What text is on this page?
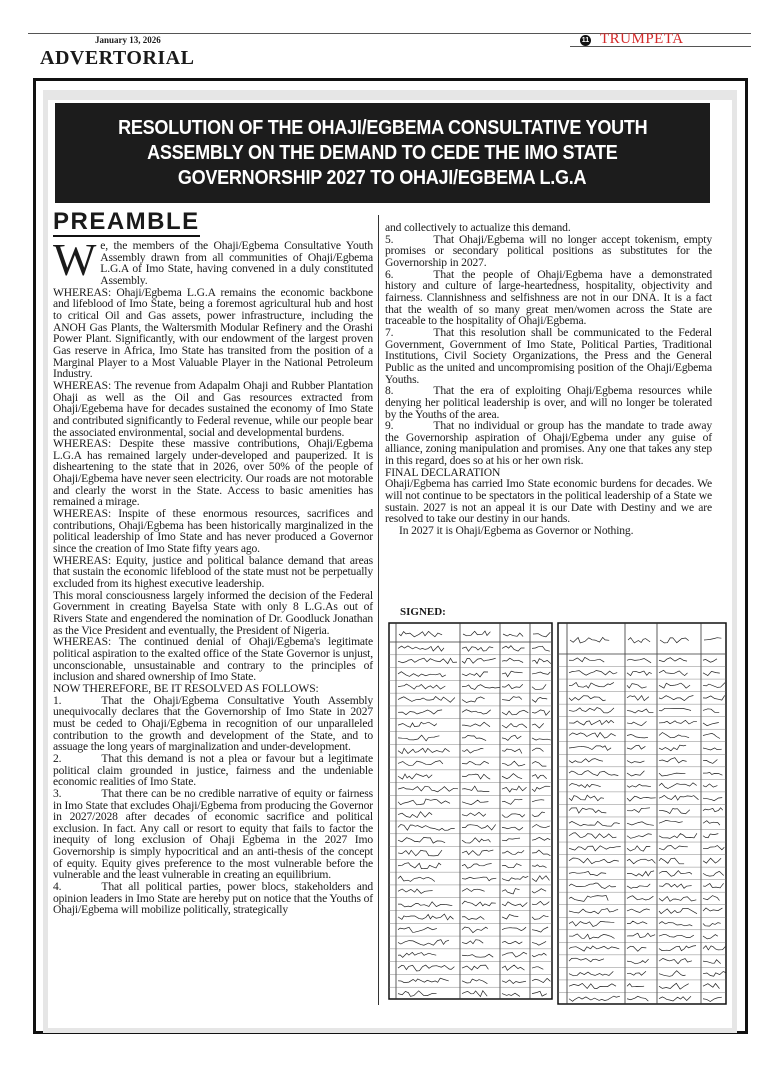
January 13, 2026	11 TRUMPETA
ADVERTORIAL
RESOLUTION OF THE OHAJI/EGBEMA CONSULTATIVE YOUTH
ASSEMBLY ON THE DEMAND TO CEDE THE IMO STATE
GOVERNORSHIP 2027 TO OHAJI/EGBEMA L.G.A
PREAMBLE

We, the members of the Ohaji/Egbema Consultative Youth Assembly drawn from all communities of Ohaji/Egbema L.G.A of Imo State, having convened in a duly constituted Assembly.

WHEREAS: Ohaji/Egbema L.G.A remains the economic backbone and lifeblood of Imo State, being a foremost agricultural hub and host to critical Oil and Gas assets, power infrastructure, including the ANOH Gas Plants, the Waltersmith Modular Refinery and the Orashi Power Plant. Significantly, with our endowment of the largest proven Gas reserve in Africa, Imo State has transited from the position of a Marginal Player to a Most Valuable Player in the National Petroleum Industry.

WHEREAS: The revenue from Adapalm Ohaji and Rubber Plantation Ohaji as well as the Oil and Gas resources extracted from Ohaji/Egebema have for decades sustained the economy of Imo State and contributed significantly to Federal revenue, while our people bear the associated environmental, social and developmental burdens.

WHEREAS: Despite these massive contributions, Ohaji/Egbema L.G.A has remained largely under-developed and pauperized. It is disheartening to the state that in 2026, over 50% of the people of Ohaji/Egbema have never seen electricity. Our roads are not motorable and clearly the worst in the State. Access to basic amenities has remained a mirage.

WHEREAS: Inspite of these enormous resources, sacrifices and contributions, Ohaji/Egbema has been historically marginalized in the political leadership of Imo State and has never produced a Governor since the creation of Imo State fifty years ago.

WHEREAS: Equity, justice and political balance demand that areas that sustain the economic lifeblood of the state must not be perpetually excluded from its highest executive leadership.

This moral consciousness largely informed the decision of the Federal Government in creating Bayelsa State with only 8 L.G.As out of Rivers State and engendered the nomination of Dr. Goodluck Jonathan as the Vice President and eventually, the President of Nigeria.

WHEREAS: The continued denial of Ohaji/Egbema's legitimate political aspiration to the exalted office of the State Governor is unjust, unconscionable, unsustainable and contrary to the principles of inclusion and shared ownership of Imo State.

NOW THEREFORE, BE IT RESOLVED AS FOLLOWS:

1.	That the Ohaji/Egbema Consultative Youth Assembly unequivocally declares that the Governorship of Imo State in 2027 must be ceded to Ohaji/Egbema in recognition of our unparalleled contribution to the growth and development of the State, and to assuage the long years of marginalization and under-development.

2.	That this demand is not a plea or favour but a legitimate political claim grounded in justice, fairness and the undeniable economic realities of Imo State.

3.	That there can be no credible narrative of equity or fairness in Imo State that excludes Ohaji/Egbema from producing the Governor in 2027/2028 after decades of economic sacrifice and political exclusion. In fact. Any call or resort to equity that fails to factor the inequity of long exclusion of Ohaji Egbema in the 2027 Imo Governorship is simply hypocritical and an anti-thesis of the concept of equity. Equity gives preference to the most vulnerable before the vulnerable and the least vulnerable in creating an equilibrium.

4.	That all political parties, power blocs, stakeholders and opinion leaders in Imo State are hereby put on notice that the Youths of Ohaji/Egbema will mobilize politically, strategically

and collectively to actualize this demand.

5.	That Ohaji/Egbema will no longer accept tokenism, empty promises or secondary political positions as substitutes for the Governorship in 2027.

6.	That the people of Ohaji/Egbema have a demonstrated history and culture of large-heartedness, hospitality, objectivity and fairness. Clannishness and selfishness are not in our DNA. It is a fact that the wealth of so many great men/women across the State are traceable to the hospitality of Ohaji/Egbema.

7.	That this resolution shall be communicated to the Federal Government, Government of Imo State, Political Parties, Traditional Institutions, Civil Society Organizations, the Press and the General Public as the united and uncompromising position of the Ohaji/Egbema Youths.

8.	That the era of exploiting Ohaji/Egbema resources while denying her political leadership is over, and will no longer be tolerated by the Youths of the area.

9.	That no individual or group has the mandate to trade away the Governorship aspiration of Ohaji/Egbema under any guise of alliance, zoning manipulation and promises. Any one that takes any step in this regard, does so at his or her own risk.

FINAL DECLARATION

Ohaji/Egbema has carried Imo State economic burdens for decades. We will not continue to be spectators in the political leadership of a State we sustain. 2027 is not an appeal it is our Date with Destiny and we are resolved to take our destiny in our hands.

In 2027 it is Ohaji/Egbema as Governor or Nothing.

SIGNED:
